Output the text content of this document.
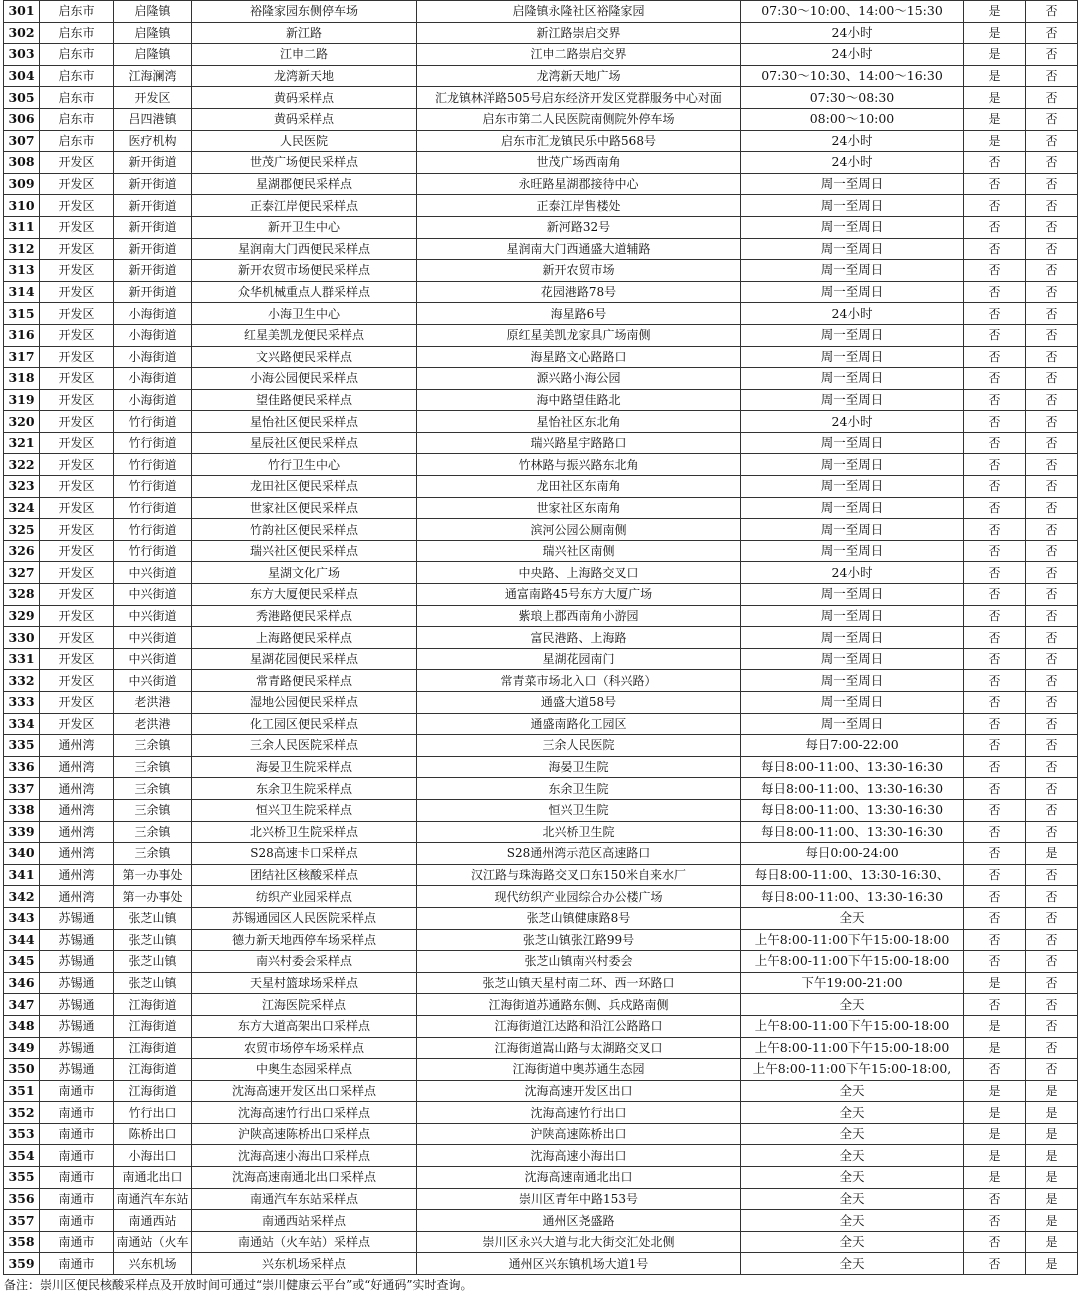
301	启东市	启隆镇	裕隆家园东侧停车场	启隆镇永隆社区裕隆家园	07:30～10:00、14:00～15:30	是	否
302	启东市	启隆镇	新江路	新江路崇启交界	24小时	是	否
303	启东市	启隆镇	江申二路	江申二路崇启交界	24小时	是	否
304	启东市	江海澜湾	龙湾新天地	龙湾新天地广场	07:30～10:30、14:00～16:30	是	否
305	启东市	开发区	黄码采样点	汇龙镇林洋路505号启东经济开发区党群服务中心对面	07:30～08:30	是	否
306	启东市	吕四港镇	黄码采样点	启东市第二人民医院南侧院外停车场	08:00～10:00	是	否
307	启东市	医疗机构	人民医院	启东市汇龙镇民乐中路568号	24小时	是	否
308	开发区	新开街道	世茂广场便民采样点	世茂广场西南角	24小时	否	否
309	开发区	新开街道	星湖郡便民采样点	永旺路星湖郡接待中心	周一至周日	否	否
310	开发区	新开街道	正泰江岸便民采样点	正泰江岸售楼处	周一至周日	否	否
311	开发区	新开街道	新开卫生中心	新河路32号	周一至周日	否	否
312	开发区	新开街道	星润南大门西便民采样点	星润南大门西通盛大道辅路	周一至周日	否	否
313	开发区	新开街道	新开农贸市场便民采样点	新开农贸市场	周一至周日	否	否
314	开发区	新开街道	众华机械重点人群采样点	花园港路78号	周一至周日	否	否
315	开发区	小海街道	小海卫生中心	海星路6号	24小时	否	否
316	开发区	小海街道	红星美凯龙便民采样点	原红星美凯龙家具广场南侧	周一至周日	否	否
317	开发区	小海街道	文兴路便民采样点	海星路文心路路口	周一至周日	否	否
318	开发区	小海街道	小海公园便民采样点	源兴路小海公园	周一至周日	否	否
319	开发区	小海街道	望佳路便民采样点	海中路望佳路北	周一至周日	否	否
320	开发区	竹行街道	星怡社区便民采样点	星怡社区东北角	24小时	否	否
321	开发区	竹行街道	星辰社区便民采样点	瑞兴路星宇路路口	周一至周日	否	否
322	开发区	竹行街道	竹行卫生中心	竹林路与振兴路东北角	周一至周日	否	否
323	开发区	竹行街道	龙田社区便民采样点	龙田社区东南角	周一至周日	否	否
324	开发区	竹行街道	世家社区便民采样点	世家社区东南角	周一至周日	否	否
325	开发区	竹行街道	竹韵社区便民采样点	滨河公园公厕南侧	周一至周日	否	否
326	开发区	竹行街道	瑞兴社区便民采样点	瑞兴社区南侧	周一至周日	否	否
327	开发区	中兴街道	星湖文化广场	中央路、上海路交叉口	24小时	否	否
328	开发区	中兴街道	东方大厦便民采样点	通富南路45号东方大厦广场	周一至周日	否	否
329	开发区	中兴街道	秀港路便民采样点	紫琅上郡西南角小游园	周一至周日	否	否
330	开发区	中兴街道	上海路便民采样点	富民港路、上海路	周一至周日	否	否
331	开发区	中兴街道	星湖花园便民采样点	星湖花园南门	周一至周日	否	否
332	开发区	中兴街道	常青路便民采样点	常青菜市场北入口（科兴路）	周一至周日	否	否
333	开发区	老洪港	湿地公园便民采样点	通盛大道58号	周一至周日	否	否
334	开发区	老洪港	化工园区便民采样点	通盛南路化工园区	周一至周日	否	否
335	通州湾	三余镇	三余人民医院采样点	三余人民医院	每日7:00-22:00	否	否
336	通州湾	三余镇	海晏卫生院采样点	海晏卫生院	每日8:00-11:00、13:30-16:30	否	否
337	通州湾	三余镇	东余卫生院采样点	东余卫生院	每日8:00-11:00、13:30-16:30	否	否
338	通州湾	三余镇	恒兴卫生院采样点	恒兴卫生院	每日8:00-11:00、13:30-16:30	否	否
339	通州湾	三余镇	北兴桥卫生院采样点	北兴桥卫生院	每日8:00-11:00、13:30-16:30	否	否
340	通州湾	三余镇	S28高速卡口采样点	S28通州湾示范区高速路口	每日0:00-24:00	否	是
341	通州湾	第一办事处	团结社区核酸采样点	汉江路与珠海路交叉口东150米自来水厂	每日8:00-11:00、13:30-16:30、	否	否
342	通州湾	第一办事处	纺织产业园采样点	现代纺织产业园综合办公楼广场	每日8:00-11:00、13:30-16:30	否	否
343	苏锡通	张芝山镇	苏锡通园区人民医院采样点	张芝山镇健康路8号	全天	否	否
344	苏锡通	张芝山镇	德力新天地西停车场采样点	张芝山镇张江路99号	上午8:00-11:00下午15:00-18:00	否	否
345	苏锡通	张芝山镇	南兴村委会采样点	张芝山镇南兴村委会	上午8:00-11:00下午15:00-18:00	否	否
346	苏锡通	张芝山镇	天星村篮球场采样点	张芝山镇天星村南二环、西一环路口	下午19:00-21:00	是	否
347	苏锡通	江海街道	江海医院采样点	江海街道苏通路东侧、兵戍路南侧	全天	否	否
348	苏锡通	江海街道	东方大道高架出口采样点	江海街道江达路和沿江公路路口	上午8:00-11:00下午15:00-18:00	是	否
349	苏锡通	江海街道	农贸市场停车场采样点	江海街道嵩山路与太湖路交叉口	上午8:00-11:00下午15:00-18:00	是	否
350	苏锡通	江海街道	中奥生态园采样点	江海街道中奥苏通生态园	上午8:00-11:00下午15:00-18:00,	否	否
351	南通市	江海街道	沈海高速开发区出口采样点	沈海高速开发区出口	全天	是	是
352	南通市	竹行出口	沈海高速竹行出口采样点	沈海高速竹行出口	全天	是	是
353	南通市	陈桥出口	沪陕高速陈桥出口采样点	沪陕高速陈桥出口	全天	是	是
354	南通市	小海出口	沈海高速小海出口采样点	沈海高速小海出口	全天	是	是
355	南通市	南通北出口	沈海高速南通北出口采样点	沈海高速南通北出口	全天	是	是
356	南通市	南通汽车东站	南通汽车东站采样点	崇川区青年中路153号	全天	否	是
357	南通市	南通西站	南通西站采样点	通州区尧盛路	全天	否	是
358	南通市	南通站（火车	南通站（火车站）采样点	崇川区永兴大道与北大街交汇处北侧	全天	否	是
359	南通市	兴东机场	兴东机场采样点	通州区兴东镇机场大道1号	全天	否	是
备注：崇川区便民核酸采样点及开放时间可通过“崇川健康云平台”或“好通码”实时查询。
